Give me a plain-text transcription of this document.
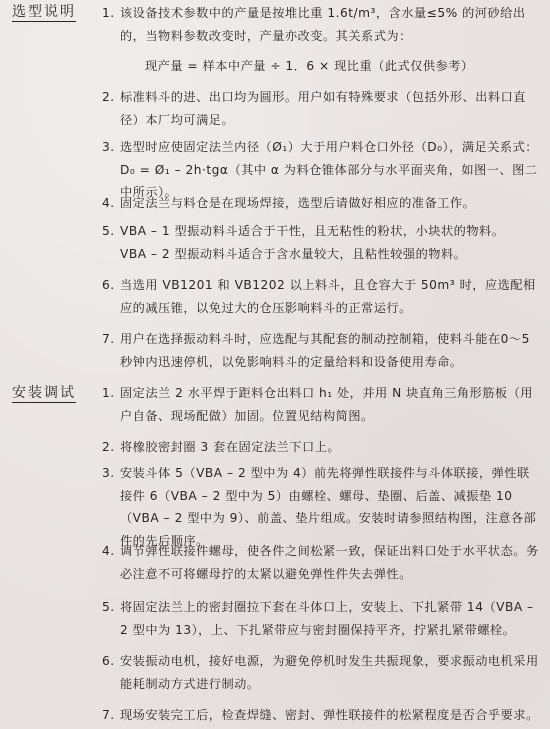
选型说明 1. 该设备技术参数中的产量是按堆比重 1.6t/m³，含水量≤5% 的河砂给出的，当物料参数改变时，产量亦改变。其关系式为：
现产量 = 样本中产量 ÷ 1．6 × 现比重（此式仅供参考）
2. 标准料斗的进、出口均为圆形。用户如有特殊要求（包括外形、出料口直径）本厂均可满足。
3. 选型时应使固定法兰内径（Ø₁）大于用户料仓口外径（D₀），满足关系式：D₀ = Ø₁ – 2h·tgα（其中 α 为料仓锥体部分与水平面夹角，如图一、图二中所示）。
4. 固定法兰与料仓是在现场焊接，选型后请做好相应的准备工作。
5. VBA – 1 型振动料斗适合于干性，且无粘性的粉状，小块状的物料。
VBA – 2 型振动料斗适合于含水量较大，且粘性较强的物料。
6. 当选用 VB1201 和 VB1202 以上料斗，且仓容大于 50m³ 时，应选配相应的减压锥，以免过大的仓压影响料斗的正常运行。
7. 用户在选择振动料斗时，应选配与其配套的制动控制箱，使料斗能在0～5秒钟内迅速停机，以免影响料斗的定量给料和设备使用寿命。
安装调试 1. 固定法兰 2 水平焊于距料仓出料口 h₁ 处，并用 N 块直角三角形筋板（用户自备、现场配做）加固。位置见结构简图。
2. 将橡胶密封圈 3 套在固定法兰下口上。
3. 安装斗体 5（VBA – 2 型中为 4）前先将弹性联接件与斗体联接，弹性联接件 6（VBA – 2 型中为 5）由螺栓、螺母、垫圈、后盖、减振垫 10（VBA – 2 型中为 9）、前盖、垫片组成。安装时请参照结构图，注意各部件的先后顺序。
4. 调节弹性联接件螺母，使各件之间松紧一致，保证出料口处于水平状态。务必注意不可将螺母拧的太紧以避免弹性件失去弹性。
5. 将固定法兰上的密封圈拉下套在斗体口上，安装上、下扎紧带 14（VBA – 2 型中为 13），上、下扎紧带应与密封圈保持平齐，拧紧扎紧带螺栓。
6. 安装振动电机，接好电源，为避免停机时发生共振现象，要求振动电机采用能耗制动方式进行制动。
7. 现场安装完工后，检查焊缝、密封、弹性联接件的松紧程度是否合乎要求。
